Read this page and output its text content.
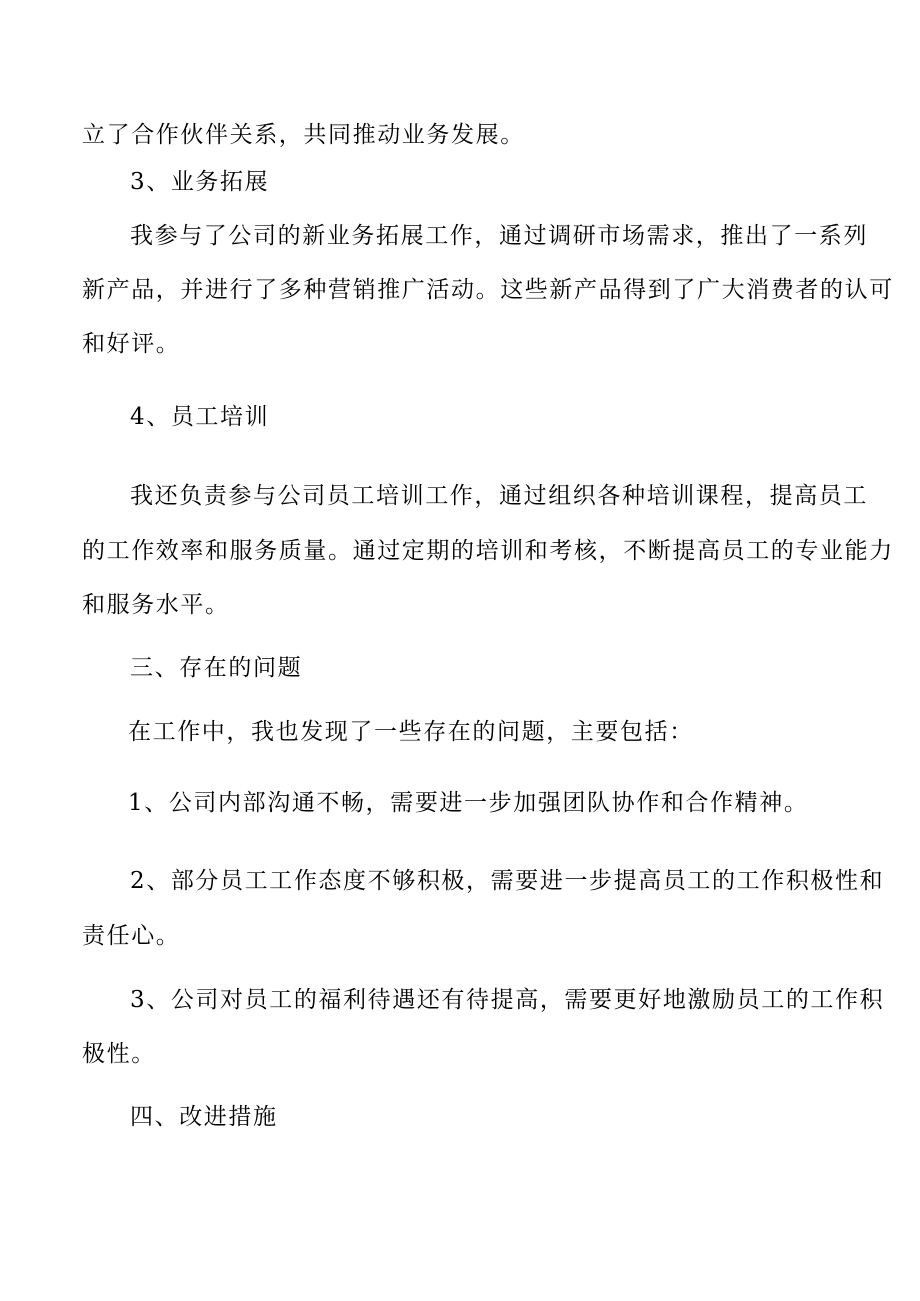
立了合作伙伴关系，共同推动业务发展。
3、业务拓展
我参与了公司的新业务拓展工作，通过调研市场需求，推出了一系列
新产品，并进行了多种营销推广活动。这些新产品得到了广大消费者的认可
和好评。
4、员工培训
我还负责参与公司员工培训工作，通过组织各种培训课程，提高员工
的工作效率和服务质量。通过定期的培训和考核，不断提高员工的专业能力
和服务水平。
三、存在的问题
在工作中，我也发现了一些存在的问题，主要包括：
1、公司内部沟通不畅，需要进一步加强团队协作和合作精神。
2、部分员工工作态度不够积极，需要进一步提高员工的工作积极性和
责任心。
3、公司对员工的福利待遇还有待提高，需要更好地激励员工的工作积
极性。
四、改进措施
